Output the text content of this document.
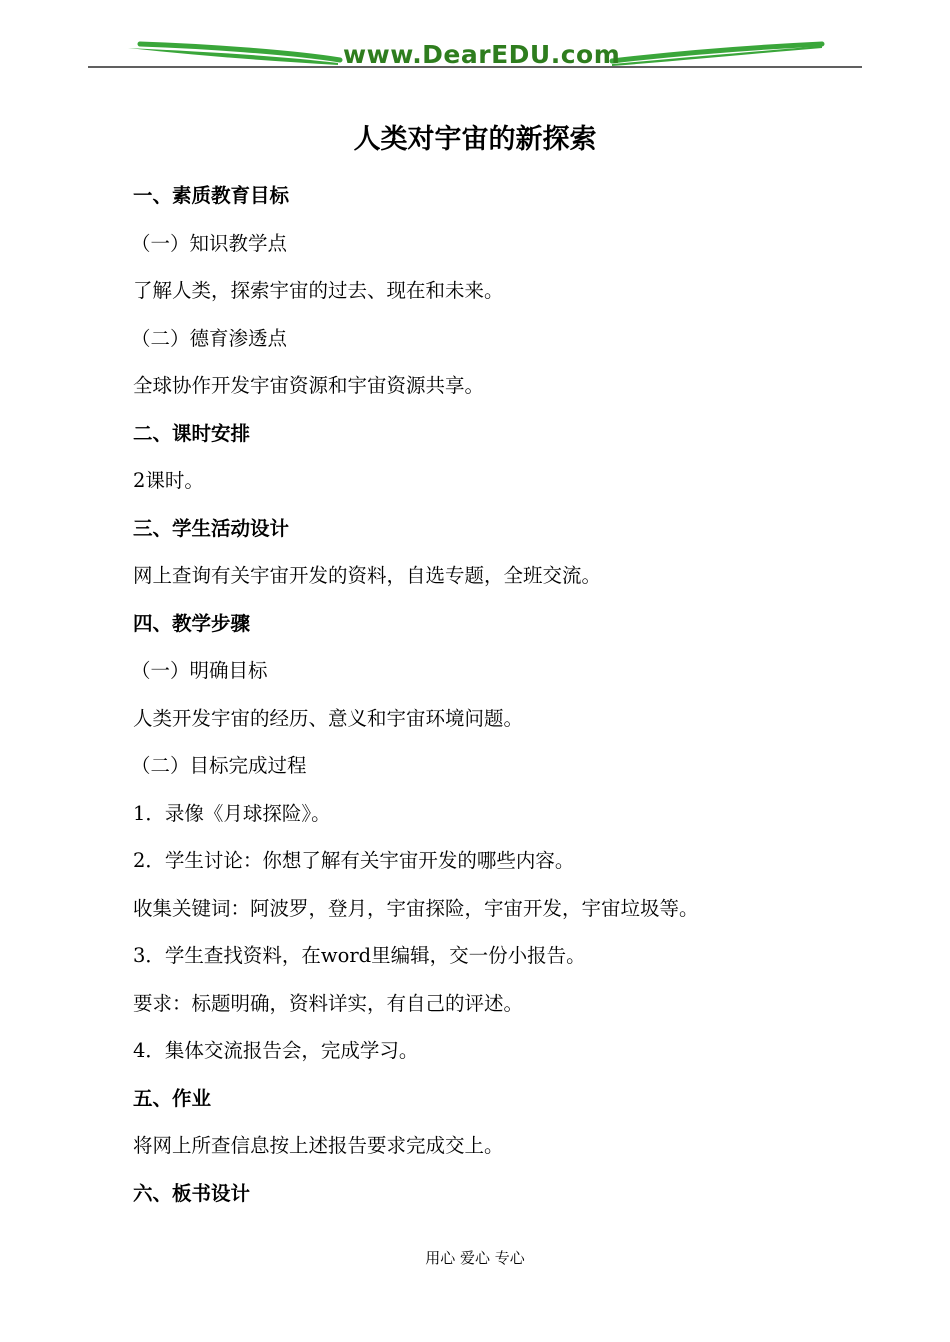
www.DearEDU.com
人类对宇宙的新探索
一、素质教育目标
（一）知识教学点
了解人类，探索宇宙的过去、现在和未来。
（二）德育渗透点
全球协作开发宇宙资源和宇宙资源共享。
二、课时安排
2课时。
三、学生活动设计
网上查询有关宇宙开发的资料，自选专题，全班交流。
四、教学步骤
（一）明确目标
人类开发宇宙的经历、意义和宇宙环境问题。
（二）目标完成过程
1．录像《月球探险》。
2．学生讨论：你想了解有关宇宙开发的哪些内容。
收集关键词：阿波罗，登月，宇宙探险，宇宙开发，宇宙垃圾等。
3．学生查找资料，在word里编辑，交一份小报告。
要求：标题明确，资料详实，有自己的评述。
4．集体交流报告会，完成学习。
五、作业
将网上所查信息按上述报告要求完成交上。
六、板书设计
用心 爱心 专心
